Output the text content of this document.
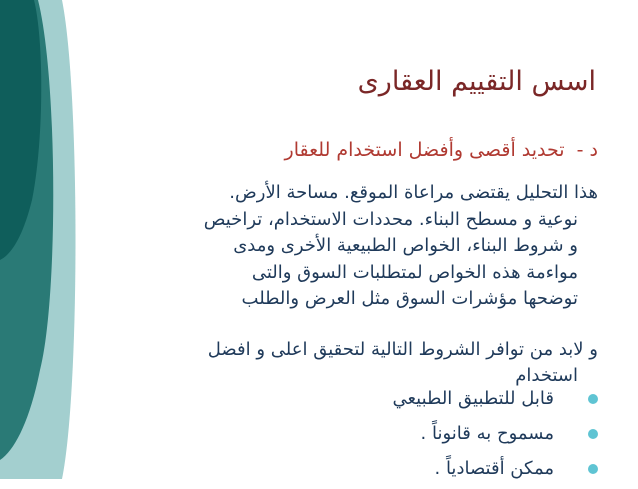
اسس التقييم العقارى
د - تحديد أقصى وأفضل استخدام للعقار
هذا التحليل يقتضى مراعاة الموقع. مساحة الأرض.
نوعية و مسطح البناء. محددات الاستخدام، تراخيص
و شروط البناء، الخواص الطبيعية الأخرى ومدى
مواءمة هذه الخواص لمتطلبات السوق والتى
توضحها مؤشرات السوق مثل العرض والطلب
و لابد من توافر الشروط التالية لتحقيق اعلى و افضل
استخدام
قابل للتطبيق الطبيعي
مسموح به قانوناً .
ممكن أقتصادياً .
